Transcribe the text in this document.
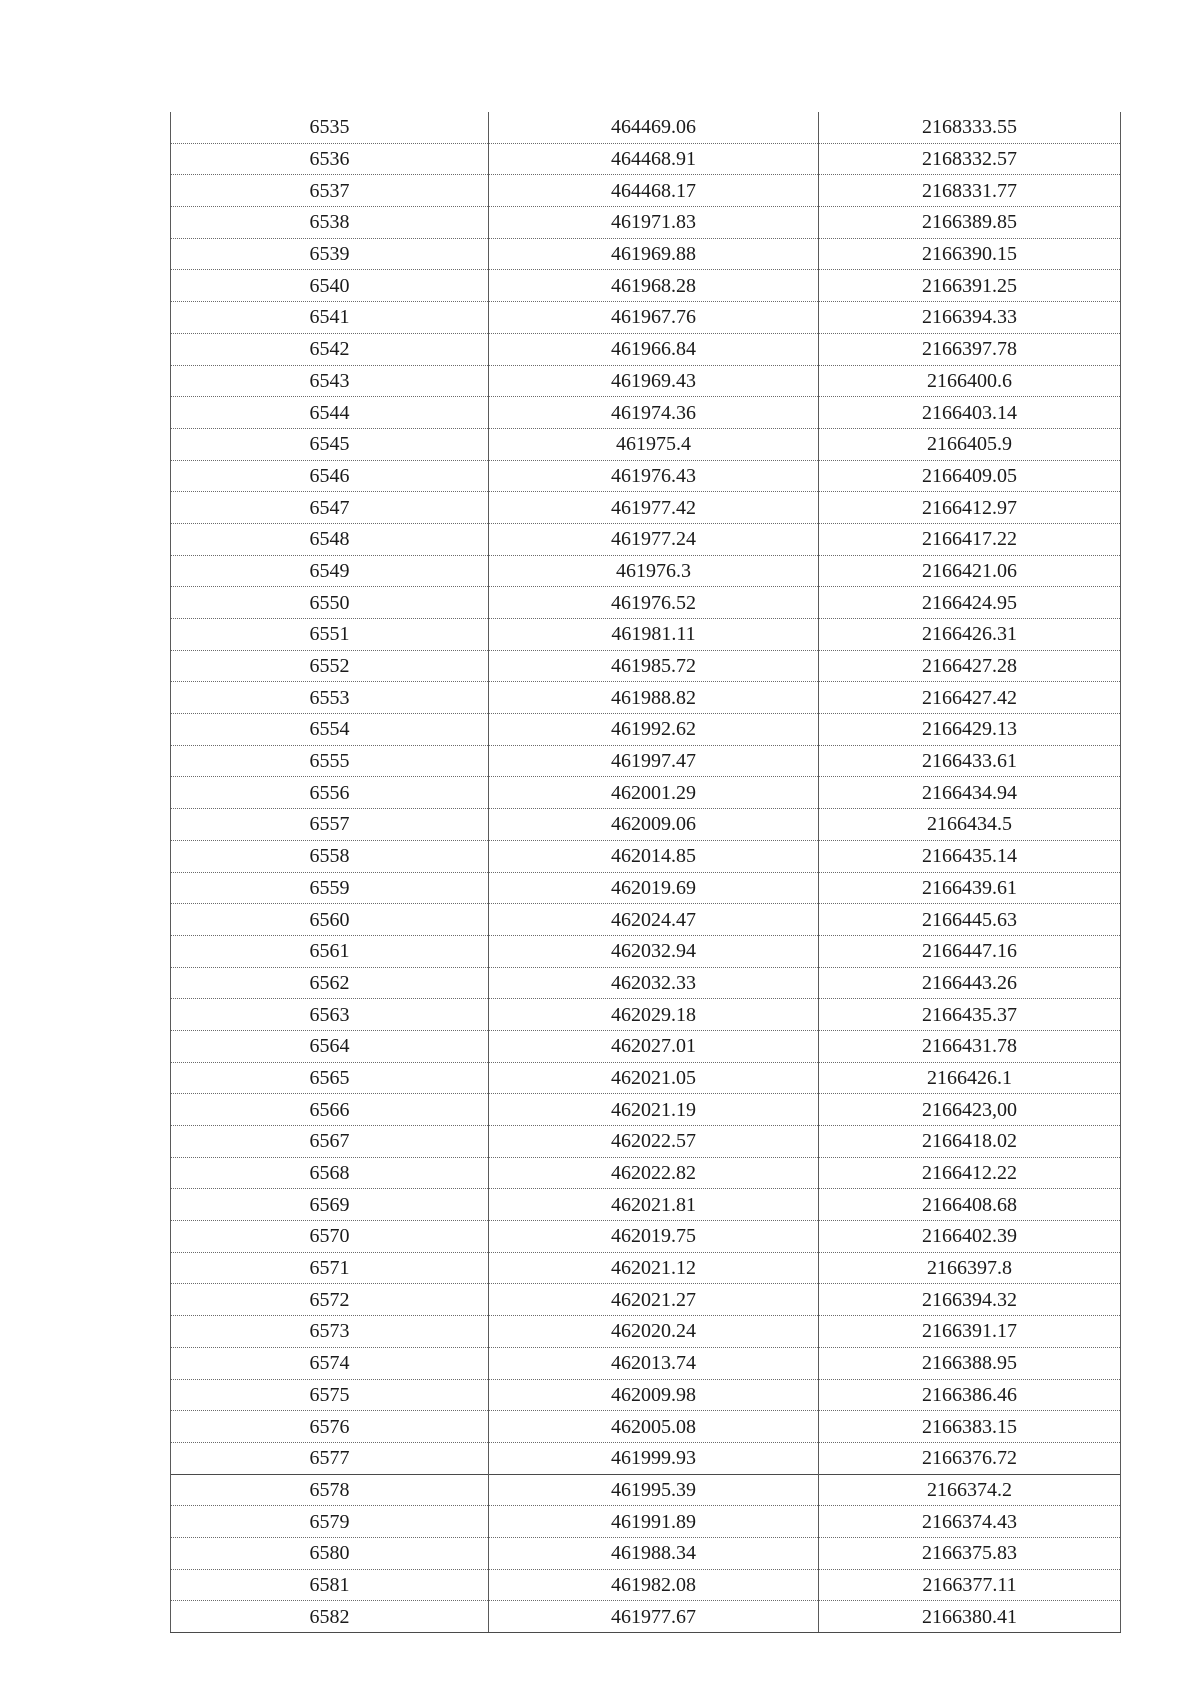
6535	464469.06	2168333.55
6536	464468.91	2168332.57
6537	464468.17	2168331.77
6538	461971.83	2166389.85
6539	461969.88	2166390.15
6540	461968.28	2166391.25
6541	461967.76	2166394.33
6542	461966.84	2166397.78
6543	461969.43	2166400.6
6544	461974.36	2166403.14
6545	461975.4	2166405.9
6546	461976.43	2166409.05
6547	461977.42	2166412.97
6548	461977.24	2166417.22
6549	461976.3	2166421.06
6550	461976.52	2166424.95
6551	461981.11	2166426.31
6552	461985.72	2166427.28
6553	461988.82	2166427.42
6554	461992.62	2166429.13
6555	461997.47	2166433.61
6556	462001.29	2166434.94
6557	462009.06	2166434.5
6558	462014.85	2166435.14
6559	462019.69	2166439.61
6560	462024.47	2166445.63
6561	462032.94	2166447.16
6562	462032.33	2166443.26
6563	462029.18	2166435.37
6564	462027.01	2166431.78
6565	462021.05	2166426.1
6566	462021.19	2166423,00
6567	462022.57	2166418.02
6568	462022.82	2166412.22
6569	462021.81	2166408.68
6570	462019.75	2166402.39
6571	462021.12	2166397.8
6572	462021.27	2166394.32
6573	462020.24	2166391.17
6574	462013.74	2166388.95
6575	462009.98	2166386.46
6576	462005.08	2166383.15
6577	461999.93	2166376.72
6578	461995.39	2166374.2
6579	461991.89	2166374.43
6580	461988.34	2166375.83
6581	461982.08	2166377.11
6582	461977.67	2166380.41
